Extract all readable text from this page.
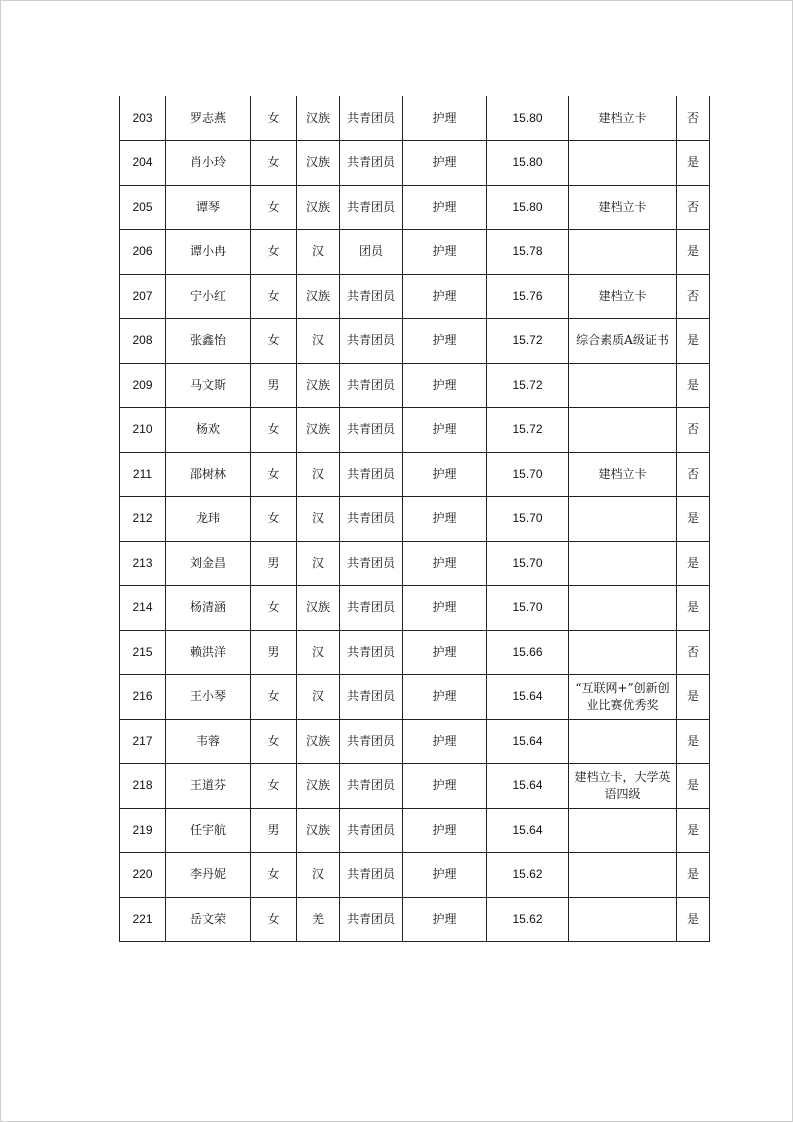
203	罗志燕	女	汉族	共青团员	护理	15.80	建档立卡	否
204	肖小玲	女	汉族	共青团员	护理	15.80		是
205	谭琴	女	汉族	共青团员	护理	15.80	建档立卡	否
206	谭小冉	女	汉	团员	护理	15.78		是
207	宁小红	女	汉族	共青团员	护理	15.76	建档立卡	否
208	张鑫怡	女	汉	共青团员	护理	15.72	综合素质A级证书	是
209	马文斯	男	汉族	共青团员	护理	15.72		是
210	杨欢	女	汉族	共青团员	护理	15.72		否
211	邵树林	女	汉	共青团员	护理	15.70	建档立卡	否
212	龙玮	女	汉	共青团员	护理	15.70		是
213	刘金昌	男	汉	共青团员	护理	15.70		是
214	杨清涵	女	汉族	共青团员	护理	15.70		是
215	赖洪洋	男	汉	共青团员	护理	15.66		否
216	王小琴	女	汉	共青团员	护理	15.64	“互联网+”创新创业比赛优秀奖	是
217	韦蓉	女	汉族	共青团员	护理	15.64		是
218	王道芬	女	汉族	共青团员	护理	15.64	建档立卡，大学英语四级	是
219	任宇航	男	汉族	共青团员	护理	15.64		是
220	李丹妮	女	汉	共青团员	护理	15.62		是
221	岳文荣	女	羌	共青团员	护理	15.62		是
